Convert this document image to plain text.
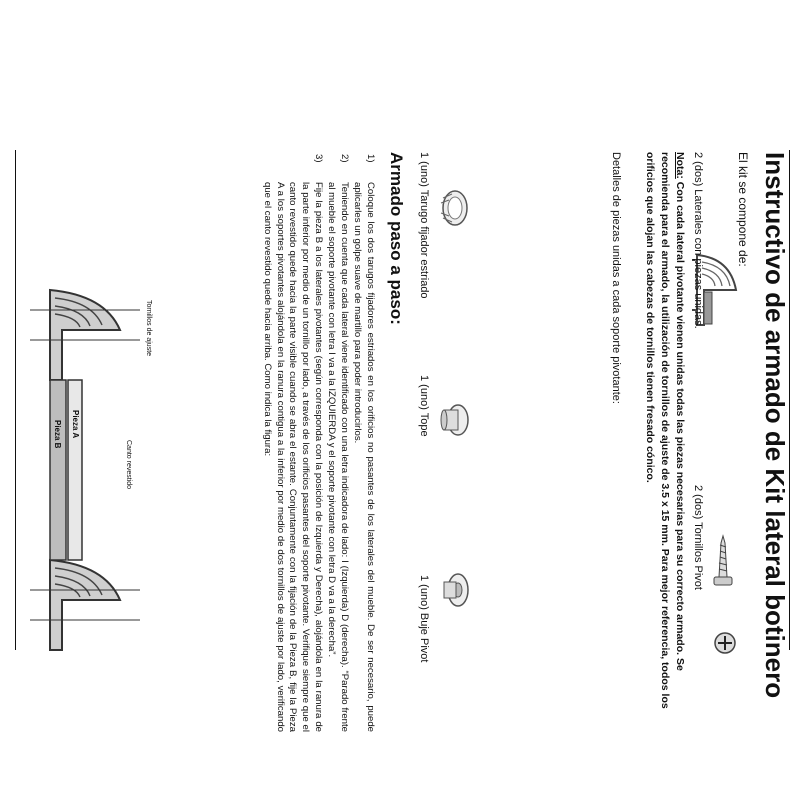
Instructivo de armado de Kit lateral botinero

El kit se compone de:

2 (dos) Laterales con piezas unidas.

2 (dos) Tornillos Pivot

Nota: Con cada lateral pivotante vienen unidas todas las piezas necesarias para su correcto armado. Se recomienda para el armado, la utilización de tornillos de ajuste de 3.5 x 15 mm. Para mejor referencia, todos los orificios que alojan las cabezas de tornillos tienen fresado cónico.

Detalles de piezas unidas a cada soporte pivotante:

1 (uno) Tarugo fijador estriado

1 (uno) Tope

1 (uno) Buje Pivot

Armado paso a paso:
1)
Coloque los dos tarugos fijadores estriados en los orificios no pasantes de los laterales del mueble. De ser necesario, puede aplicarles un golpe suave de martillo para poder introducirlos.
2)
Teniendo en cuenta que cada lateral viene identificado con una letra indicadora de lado: I (Izquierda) D (derecha). “Parado frente al mueble el soporte pivotante con letra I va a la IZQUIERDA y el soporte pivotante con letra D va a la derecha”.
3)
Fije la pieza B a los laterales pivotantes (según corresponda con la posición de Izquierda y Derecha), alojándola en la ranura de la parte inferior por medio de un tornillo por lado, a través de los orificios pasantes del soporte pivotante. Verifique siempre que el canto revestido quede hacia la parte visible cuando se abra el estante. Conjuntamente con la fijación de la Pieza B, fije la Pieza A a los soportes pivotantes alojándola en la ranura contigua a la inferior por medio de dos tornillos de ajuste por lado, verificando que el canto revestido quede hacia arriba. Como indica la figura:
Tornillos de ajuste
Canto revestido
Pieza A
Pieza B
